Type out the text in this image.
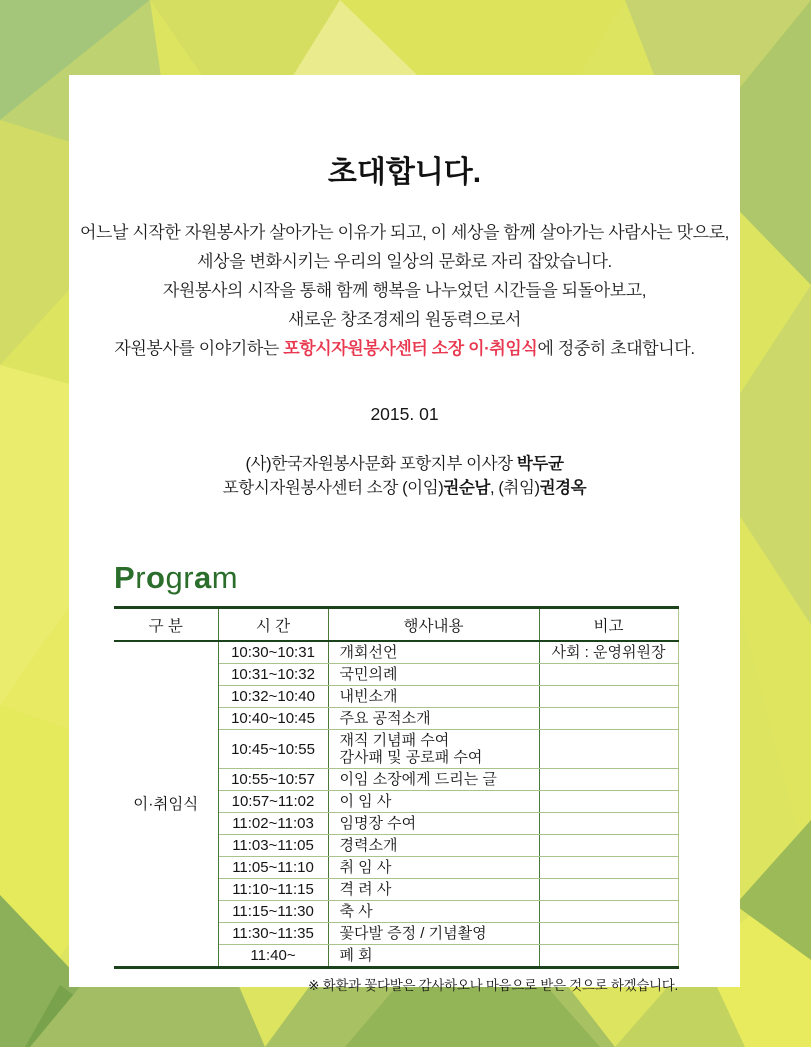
초대합니다.
어느날 시작한 자원봉사가 살아가는 이유가 되고, 이 세상을 함께 살아가는 사람사는 맛으로,
세상을 변화시키는 우리의 일상의 문화로 자리 잡았습니다.
자원봉사의 시작을 통해 함께 행복을 나누었던 시간들을 되돌아보고,
새로운 창조경제의 원동력으로서
자원봉사를 이야기하는 포항시자원봉사센터 소장 이·취임식에 정중히 초대합니다.
2015. 01
(사)한국자원봉사문화 포항지부 이사장 박두균
포항시자원봉사센터 소장 (이임)권순남, (취임)권경옥
Program
구 분	시 간	행사내용	비고
이·취임식	10:30~10:31	개회선언	사회 : 운영위원장
	10:31~10:32	국민의례	
	10:32~10:40	내빈소개	
	10:40~10:45	주요 공적소개	
	10:45~10:55	재직 기념패 수여
감사패 및 공로패 수여	

	10:55~10:57	이임 소장에게 드리는 글	
	10:57~11:02	이 임 사	
	11:02~11:03	임명장 수여	
	11:03~11:05	경력소개	
	11:05~11:10	취 임 사	
	11:10~11:15	격 려 사	
	11:15~11:30	축 사	
	11:30~11:35	꽃다발 증정 / 기념촬영	
	11:40~	폐 회	
※ 화환과 꽃다발은 감사하오나 마음으로 받은 것으로 하겠습니다.
